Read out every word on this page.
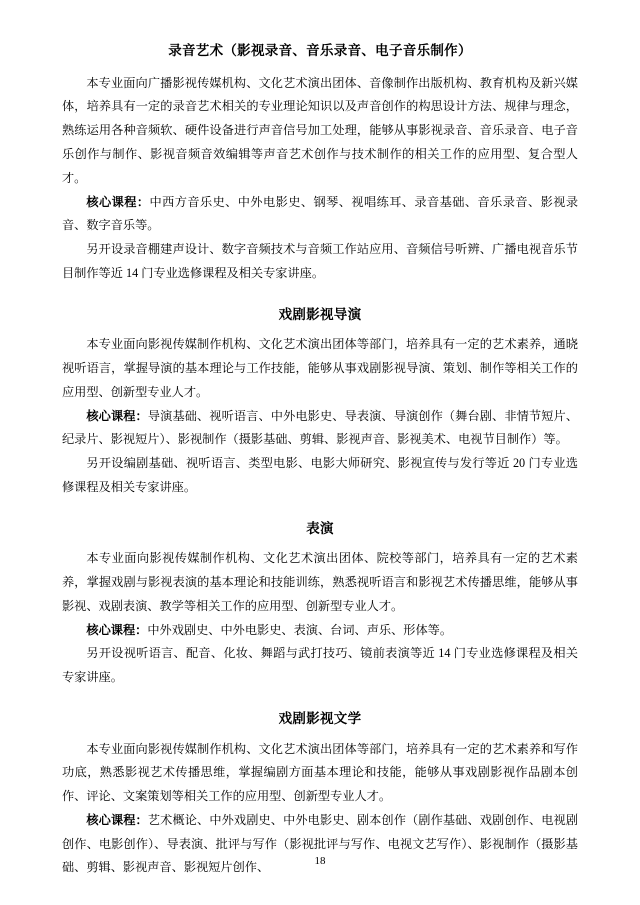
录音艺术（影视录音、音乐录音、电子音乐制作）

本专业面向广播影视传媒机构、文化艺术演出团体、音像制作出版机构、教育机构及新兴媒体，培养具有一定的录音艺术相关的专业理论知识以及声音创作的构思设计方法、规律与理念，熟练运用各种音频软、硬件设备进行声音信号加工处理，能够从事影视录音、音乐录音、电子音乐创作与制作、影视音频音效编辑等声音艺术创作与技术制作的相关工作的应用型、复合型人才。

核心课程：中西方音乐史、中外电影史、钢琴、视唱练耳、录音基础、音乐录音、影视录音、数字音乐等。

另开设录音棚建声设计、数字音频技术与音频工作站应用、音频信号听辨、广播电视音乐节目制作等近 14 门专业选修课程及相关专家讲座。

戏剧影视导演

本专业面向影视传媒制作机构、文化艺术演出团体等部门，培养具有一定的艺术素养，通晓视听语言，掌握导演的基本理论与工作技能，能够从事戏剧影视导演、策划、制作等相关工作的应用型、创新型专业人才。

核心课程：导演基础、视听语言、中外电影史、导表演、导演创作（舞台剧、非情节短片、纪录片、影视短片）、影视制作（摄影基础、剪辑、影视声音、影视美术、电视节目制作）等。

另开设编剧基础、视听语言、类型电影、电影大师研究、影视宣传与发行等近 20 门专业选修课程及相关专家讲座。

表演

本专业面向影视传媒制作机构、文化艺术演出团体、院校等部门，培养具有一定的艺术素养，掌握戏剧与影视表演的基本理论和技能训练，熟悉视听语言和影视艺术传播思维，能够从事影视、戏剧表演、教学等相关工作的应用型、创新型专业人才。

核心课程：中外戏剧史、中外电影史、表演、台词、声乐、形体等。

另开设视听语言、配音、化妆、舞蹈与武打技巧、镜前表演等近 14 门专业选修课程及相关专家讲座。

戏剧影视文学

本专业面向影视传媒制作机构、文化艺术演出团体等部门，培养具有一定的艺术素养和写作功底，熟悉影视艺术传播思维，掌握编剧方面基本理论和技能，能够从事戏剧影视作品剧本创作、评论、文案策划等相关工作的应用型、创新型专业人才。

核心课程：艺术概论、中外戏剧史、中外电影史、剧本创作（剧作基础、戏剧创作、电视剧创作、电影创作）、导表演、批评与写作（影视批评与写作、电视文艺写作）、影视制作（摄影基础、剪辑、影视声音、影视短片创作、	18
